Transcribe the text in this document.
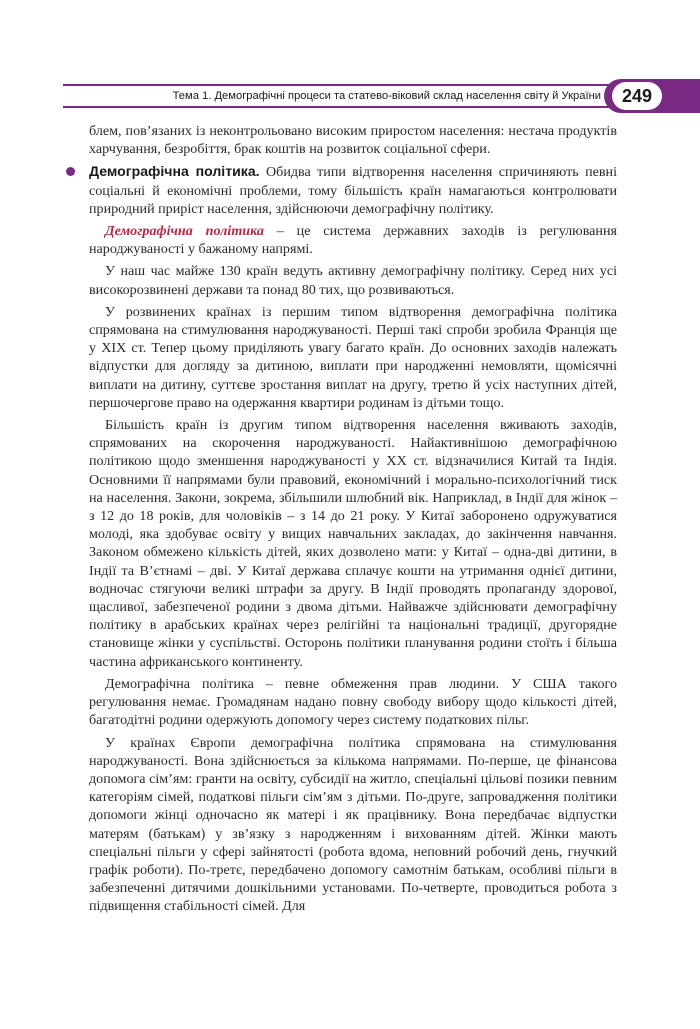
Тема 1. Демографічні процеси та статево-віковий склад населення світу й України	249

блем, пов’язаних із неконтрольовано високим приростом населення: нестача продуктів харчування, безробіття, брак коштів на розвиток соціальної сфери.

Демографічна політика. Обидва типи відтворення населення спричиняють певні соціальні й економічні проблеми, тому більшість країн намагаються контролювати природний приріст населення, здійснюючи демографічну політику.

Демографічна політика – це система державних заходів із регулювання народжуваності у бажаному напрямі.

У наш час майже 130 країн ведуть активну демографічну політику. Серед них усі високорозвинені держави та понад 80 тих, що розвиваються.

У розвинених країнах із першим типом відтворення демографічна політика спрямована на стимулювання народжуваності. Перші такі спроби зробила Франція ще у XIX ст. Тепер цьому приділяють увагу багато країн. До основних заходів належать відпустки для догляду за дитиною, виплати при народженні немовляти, щомісячні виплати на дитину, суттєве зростання виплат на другу, третю й усіх наступних дітей, першочергове право на одержання квартири родинам із дітьми тощо.

Більшість країн із другим типом відтворення населення вживають заходів, спрямованих на скорочення народжуваності. Найактивнішою демографічною політикою щодо зменшення народжуваності у XX ст. відзначилися Китай та Індія. Основними її напрямами були правовий, економічний і морально-психологічний тиск на населення. Закони, зокрема, збільшили шлюбний вік. Наприклад, в Індії для жінок – з 12 до 18 років, для чоловіків – з 14 до 21 року. У Китаї заборонено одружуватися молоді, яка здобуває освіту у вищих навчальних закладах, до закінчення навчання. Законом обмежено кількість дітей, яких дозволено мати: у Китаї – одна-дві дитини, в Індії та В’єтнамі – дві. У Китаї держава сплачує кошти на утримання однієї дитини, водночас стягуючи великі штрафи за другу. В Індії проводять пропаганду здорової, щасливої, забезпеченої родини з двома дітьми. Найважче здійснювати демографічну політику в арабських країнах через релігійні та національні традиції, другорядне становище жінки у суспільстві. Осторонь політики планування родини стоїть і більша частина африканського континенту.

Демографічна політика – певне обмеження прав людини. У США такого регулювання немає. Громадянам надано повну свободу вибору щодо кількості дітей, багатодітні родини одержують допомогу через систему податкових пільг.

У країнах Європи демографічна політика спрямована на стимулювання народжуваності. Вона здійснюється за кількома напрямами. По-перше, це фінансова допомога сім’ям: гранти на освіту, субсидії на житло, спеціальні цільові позики певним категоріям сімей, податкові пільги сім’ям з дітьми. По-друге, запровадження політики допомоги жінці одночасно як матері і як працівнику. Вона передбачає відпустки матерям (батькам) у зв’язку з народженням і вихованням дітей. Жінки мають спеціальні пільги у сфері зайнятості (робота вдома, неповний робочий день, гнучкий графік роботи). По-третє, передбачено допомогу самотнім батькам, особливі пільги в забезпеченні дитячими дошкільними установами. По-четверте, проводиться робота з підвищення стабільності сімей. Для
